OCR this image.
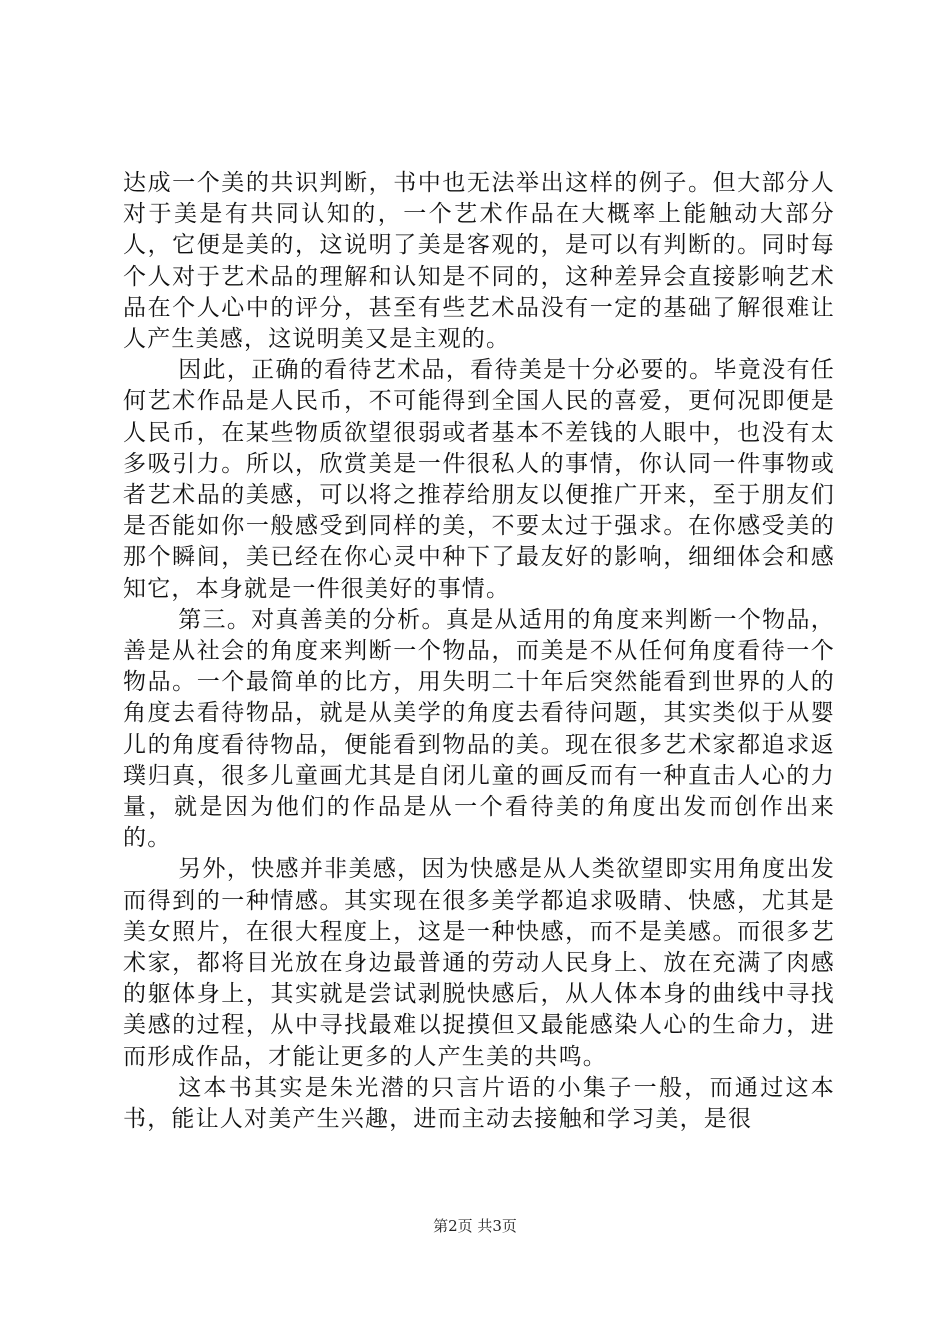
达成一个美的共识判断，书中也无法举出这样的例子。但大部分人对于美是有共同认知的，一个艺术作品在大概率上能触动大部分人，它便是美的，这说明了美是客观的，是可以有判断的。同时每个人对于艺术品的理解和认知是不同的，这种差异会直接影响艺术品在个人心中的评分，甚至有些艺术品没有一定的基础了解很难让人产生美感，这说明美又是主观的。

因此，正确的看待艺术品，看待美是十分必要的。毕竟没有任何艺术作品是人民币，不可能得到全国人民的喜爱，更何况即便是人民币，在某些物质欲望很弱或者基本不差钱的人眼中，也没有太多吸引力。所以，欣赏美是一件很私人的事情，你认同一件事物或者艺术品的美感，可以将之推荐给朋友以便推广开来，至于朋友们是否能如你一般感受到同样的美，不要太过于强求。在你感受美的那个瞬间，美已经在你心灵中种下了最友好的影响，细细体会和感知它，本身就是一件很美好的事情。

第三。对真善美的分析。真是从适用的角度来判断一个物品，善是从社会的角度来判断一个物品，而美是不从任何角度看待一个物品。一个最简单的比方，用失明二十年后突然能看到世界的人的角度去看待物品，就是从美学的角度去看待问题，其实类似于从婴儿的角度看待物品，便能看到物品的美。现在很多艺术家都追求返璞归真，很多儿童画尤其是自闭儿童的画反而有一种直击人心的力量，就是因为他们的作品是从一个看待美的角度出发而创作出来的。

另外，快感并非美感，因为快感是从人类欲望即实用角度出发而得到的一种情感。其实现在很多美学都追求吸睛、快感，尤其是美女照片，在很大程度上，这是一种快感，而不是美感。而很多艺术家，都将目光放在身边最普通的劳动人民身上、放在充满了肉感的躯体身上，其实就是尝试剥脱快感后，从人体本身的曲线中寻找美感的过程，从中寻找最难以捉摸但又最能感染人心的生命力，进而形成作品，才能让更多的人产生美的共鸣。

这本书其实是朱光潜的只言片语的小集子一般，而通过这本书，能让人对美产生兴趣，进而主动去接触和学习美，是很

第2页 共3页
